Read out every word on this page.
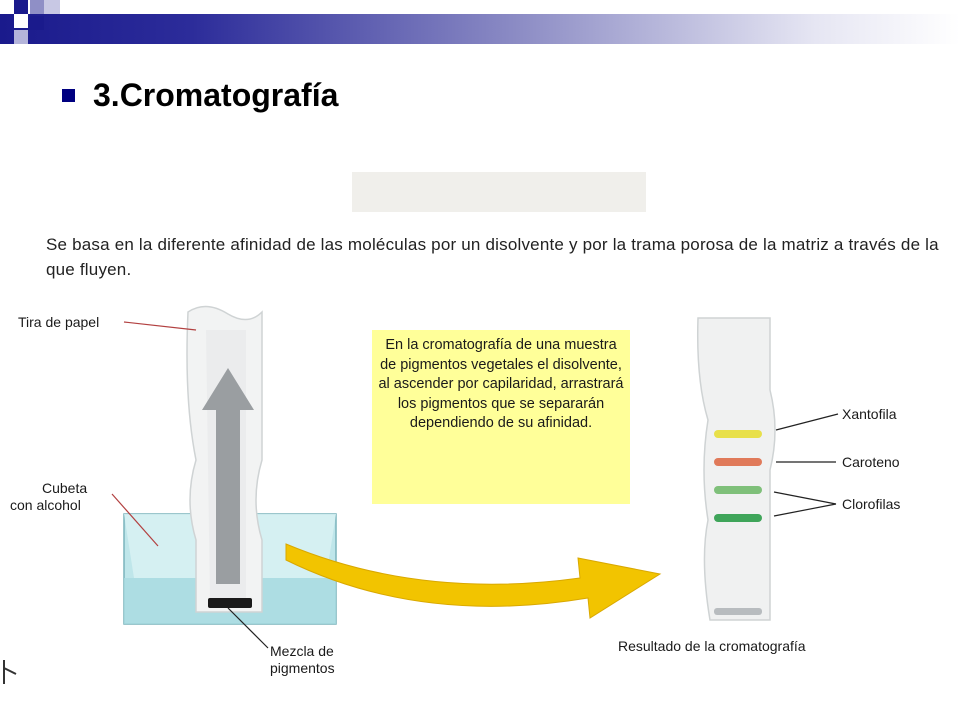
3.Cromatografía
Se basa en la diferente afinidad de las moléculas por un disolvente y por la trama porosa de la matriz a través de la que fluyen.
En la cromatografía de una muestra de pigmentos vegetales el disolvente, al ascender por capilaridad, arrastrará los pigmentos que se separarán dependiendo de su afinidad.
Tira de papel
Cubeta
con alcohol
Mezcla de
pigmentos
Resultado de la cromatografía
Xantofila
Caroteno
Clorofilas
